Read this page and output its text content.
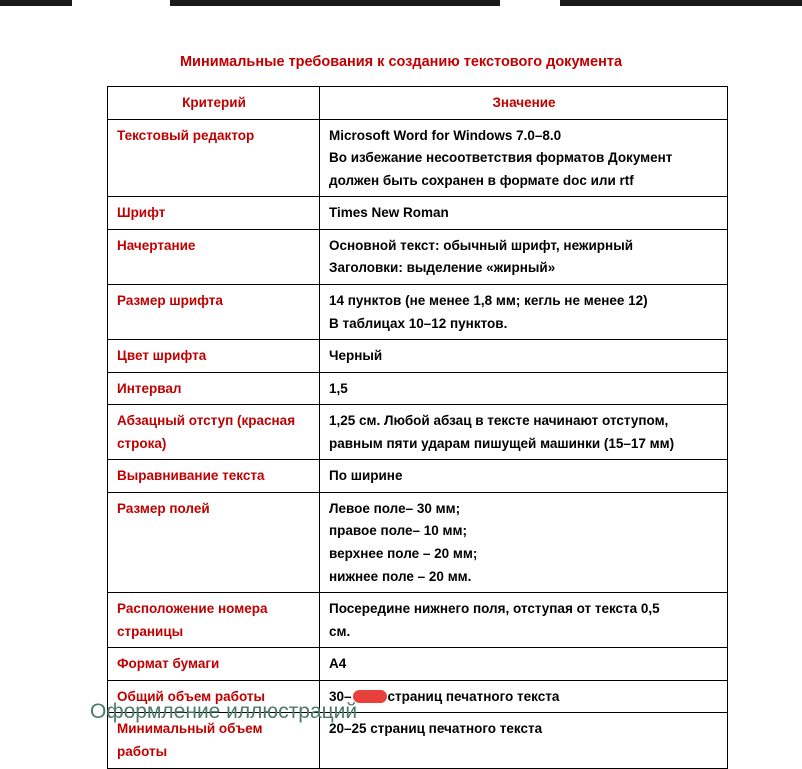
Минимальные требования к созданию текстового документа
Критерий	Значение

Текстовый редактор	Microsoft Word for Windows 7.0–8.0
Во избежание несоответствия форматов Документ
должен быть сохранен в формате doc или rtf

Шрифт	Times New Roman

Начертание	Основной текст: обычный шрифт, нежирный
Заголовки: выделение «жирный»

Размер шрифта	14 пунктов (не менее 1,8 мм; кегль не менее 12)
В таблицах 10–12 пунктов.

Цвет шрифта	Черный

Интервал	1,5

Абзацный отступ (красная
строка)	1,25 см. Любой абзац в тексте начинают отступом,
равным пяти ударам пишущей машинки (15–17 мм)

Выравнивание текста	По ширине

Размер полей	Левое поле– 30 мм;
правое поле– 10 мм;
верхнее поле – 20 мм;
нижнее поле – 20 мм.

Расположение номера
страницы	Посередине нижнего поля, отступая от текста 0,5
см.

Формат бумаги	А4

Общий объем работы	30– страниц печатного текста

Минимальный объем
работы	20–25 страниц печатного текста
Оформление иллюстраций
